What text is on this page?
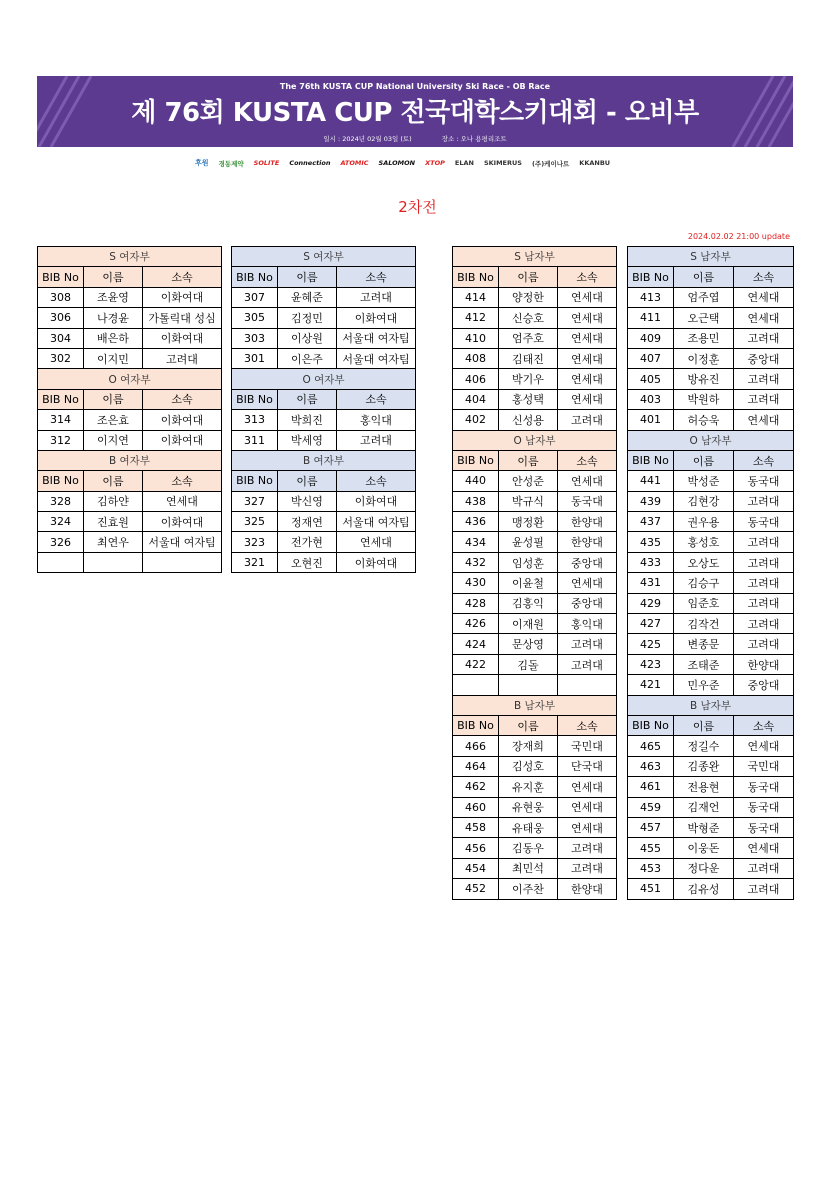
The 76th KUSTA CUP National University Ski Race - OB Race
제 76회 KUSTA CUP 전국대학스키대회 - 오비부
일시 : 2024년 02월 03일 (토)	장소 : 오나 용평리조트
후원 경동제약 SOLITE Connection ATOMIC SALOMON XTOP ELAN SKIMERUS (주)케이나트 KKANBU
2차전
2024.02.02 21:00 update
S 여자부		
BIB No	이름	소속
308	조윤영	이화여대
306	나경윤	가톨릭대 성심
304	배은하	이화여대
302	이지민	고려대
O 여자부		
BIB No	이름	소속
314	조은효	이화여대
312	이지연	이화여대
B 여자부		
BIB No	이름	소속
328	김하얀	연세대
324	진효원	이화여대
326	최연우	서울대 여자팀

S 여자부		
BIB No	이름	소속
307	윤혜준	고려대
305	김정민	이화여대
303	이상원	서울대 여자팀
301	이은주	서울대 여자팀
O 여자부		
BIB No	이름	소속
313	박희진	홍익대
311	박세영	고려대
B 여자부		
BIB No	이름	소속
327	박신영	이화여대
325	정재연	서울대 여자팀
323	전가현	연세대
321	오현진	이화여대
S 남자부		
BIB No	이름	소속
414	양정한	연세대
412	신승호	연세대
410	엄주호	연세대
408	김태진	연세대
406	박기우	연세대
404	홍성택	연세대
402	신성용	고려대
O 남자부		
BIB No	이름	소속
440	안성준	연세대
438	박규식	동국대
436	맹정환	한양대
434	윤성필	한양대
432	임성훈	중앙대
430	이윤철	연세대
428	김홍익	중앙대
426	이재원	홍익대
424	문상영	고려대
422	김돌	고려대

B 남자부		
BIB No	이름	소속
466	장재희	국민대
464	김성호	단국대
462	유지훈	연세대
460	유현웅	연세대
458	유태웅	연세대
456	김동우	고려대
454	최민석	고려대
452	이주찬	한양대
S 남자부		
BIB No	이름	소속
413	엄주엽	연세대
411	오근택	연세대
409	조용민	고려대
407	이정훈	중앙대
405	방유진	고려대
403	박원하	고려대
401	허승욱	연세대
O 남자부		
BIB No	이름	소속
441	박성준	동국대
439	김현강	고려대
437	권우용	동국대
435	홍성호	고려대
433	오상도	고려대
431	김승구	고려대
429	임준호	고려대
427	김작건	고려대
425	변종문	고려대
423	조태준	한양대
421	민우준	중앙대
B 남자부		
BIB No	이름	소속
465	정길수	연세대
463	김종완	국민대
461	전용현	동국대
459	김재언	동국대
457	박형준	동국대
455	이웅돈	연세대
453	정다운	고려대
451	김유성	고려대
